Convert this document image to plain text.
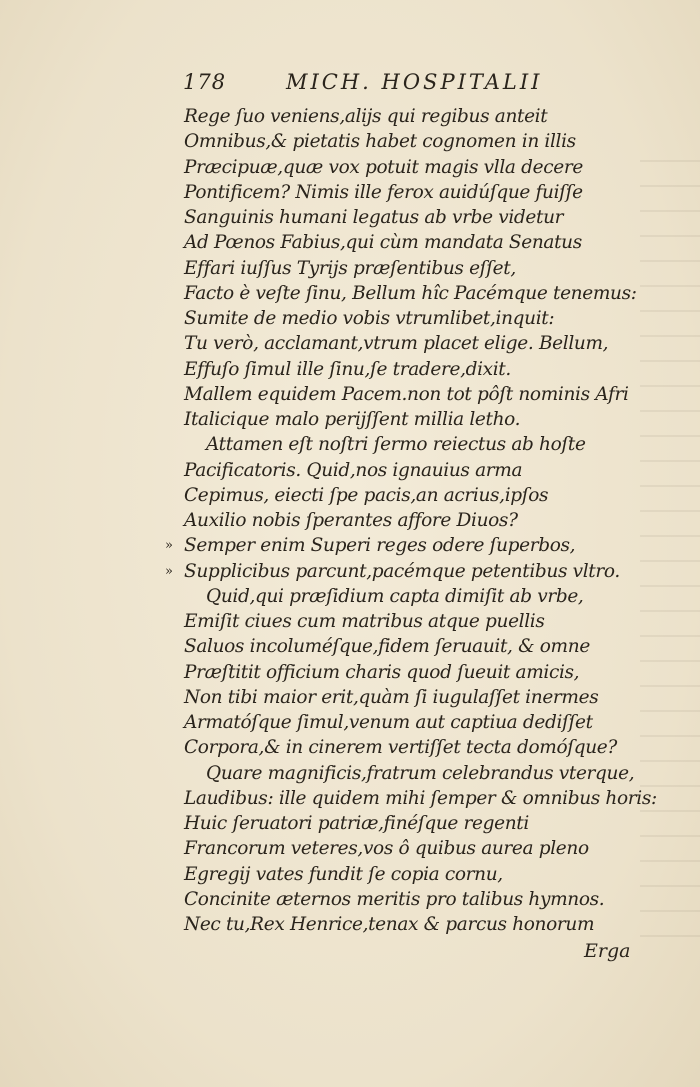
178	MICH. HOSPITALII
Rege ſuo veniens,alijs qui regibus anteit
Omnibus,& pietatis habet cognomen in illis
Præcipuæ,quæ vox potuit magis vlla decere
Pontificem? Nimis ille ferox auidúſque fuiſſe
Sanguinis humani legatus ab vrbe videtur
Ad Pœnos Fabius,qui cùm mandata Senatus
Effari iuſſus Tyrijs præſentibus eſſet,
Facto è veſte ſinu, Bellum hîc Pacémque tenemus:
Sumite de medio vobis vtrumlibet,inquit:
Tu verò, acclamant,vtrum placet elige. Bellum,
Effuſo ſimul ille ſinu,ſe tradere,dixit.
Mallem equidem Pacem.non tot pôſt nominis Afri
Italicique malo perijſſent millia letho.
Attamen eſt noſtri ſermo reiectus ab hoſte
Pacificatoris. Quid,nos ignauius arma
Cepimus, eiecti ſpe pacis,an acrius,ipſos
Auxilio nobis ſperantes affore Diuos?
» Semper enim Superi reges odere ſuperbos,
» Supplicibus parcunt,pacémque petentibus vltro.
Quid,qui præſidium capta dimiſit ab vrbe,
Emiſit ciues cum matribus atque puellis
Saluos incoluméſque,fidem ſeruauit, & omne
Præſtitit officium charis quod ſueuit amicis,
Non tibi maior erit,quàm ſi iugulaſſet inermes
Armatóſque ſimul,venum aut captiua dediſſet
Corpora,& in cinerem vertiſſet tecta domóſque?
Quare magnificis,fratrum celebrandus vterque,
Laudibus: ille quidem mihi ſemper & omnibus horis:
Huic ſeruatori patriæ,finéſque regenti
Francorum veteres,vos ô quibus aurea pleno
Egregij vates fundit ſe copia cornu,
Concinite æternos meritis pro talibus hymnos.
Nec tu,Rex Henrice,tenax & parcus honorum
Erga
